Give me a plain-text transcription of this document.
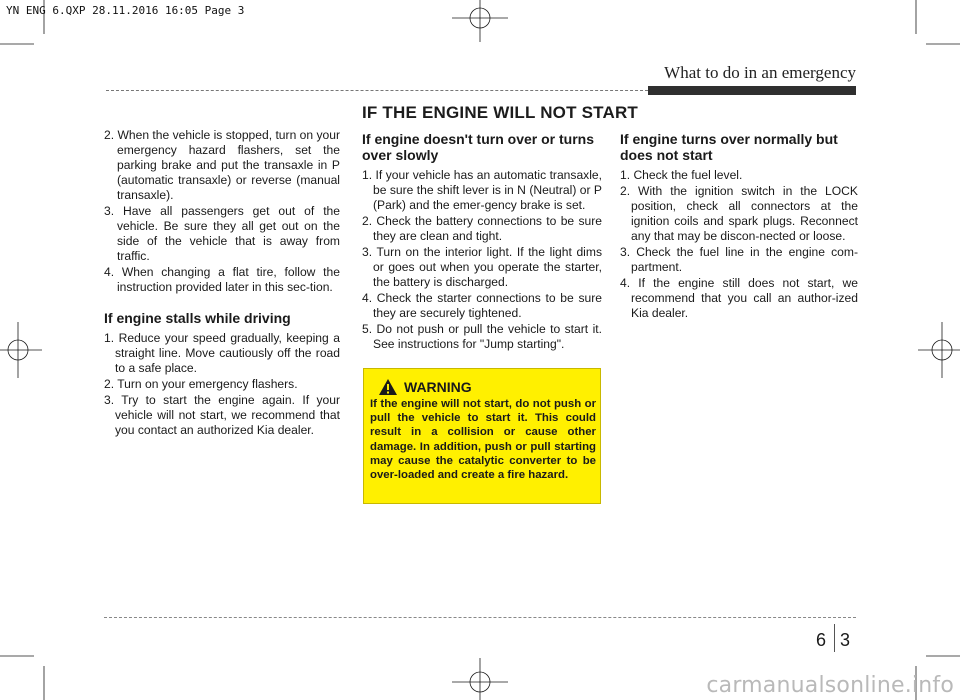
YN ENG 6.QXP 28.11.2016 16:05 Page 3
What to do in an emergency
IF THE ENGINE WILL NOT START

2. When the vehicle is stopped, turn on your emergency hazard flashers, set the parking brake and put the transaxle in P (automatic transaxle) or reverse (manual transaxle).

3. Have all passengers get out of the vehicle. Be sure they all get out on the side of the vehicle that is away from traffic.

4. When changing a flat tire, follow the instruction provided later in this sec-tion.

If engine stalls while driving

1. Reduce your speed gradually, keeping a straight line. Move cautiously off the road to a safe place.

2. Turn on your emergency flashers.

3. Try to start the engine again. If your vehicle will not start, we recommend that you contact an authorized Kia dealer.

If engine doesn't turn over or turns over slowly

1. If your vehicle has an automatic transaxle, be sure the shift lever is in N (Neutral) or P (Park) and the emer-gency brake is set.

2. Check the battery connections to be sure they are clean and tight.

3. Turn on the interior light. If the light dims or goes out when you operate the starter, the battery is discharged.

4. Check the starter connections to be sure they are securely tightened.

5. Do not push or pull the vehicle to start it. See instructions for "Jump starting".

WARNING
If the engine will not start, do not push or pull the vehicle to start it. This could result in a collision or cause other damage. In addition, push or pull starting may cause the catalytic converter to be over-loaded and create a fire hazard.
If engine turns over normally but does not start

1. Check the fuel level.

2. With the ignition switch in the LOCK position, check all connectors at the ignition coils and spark plugs. Reconnect any that may be discon-nected or loose.

3. Check the fuel line in the engine com-partment.

4. If the engine still does not start, we recommend that you call an author-ized Kia dealer.

6 3
carmanualsonline.info
